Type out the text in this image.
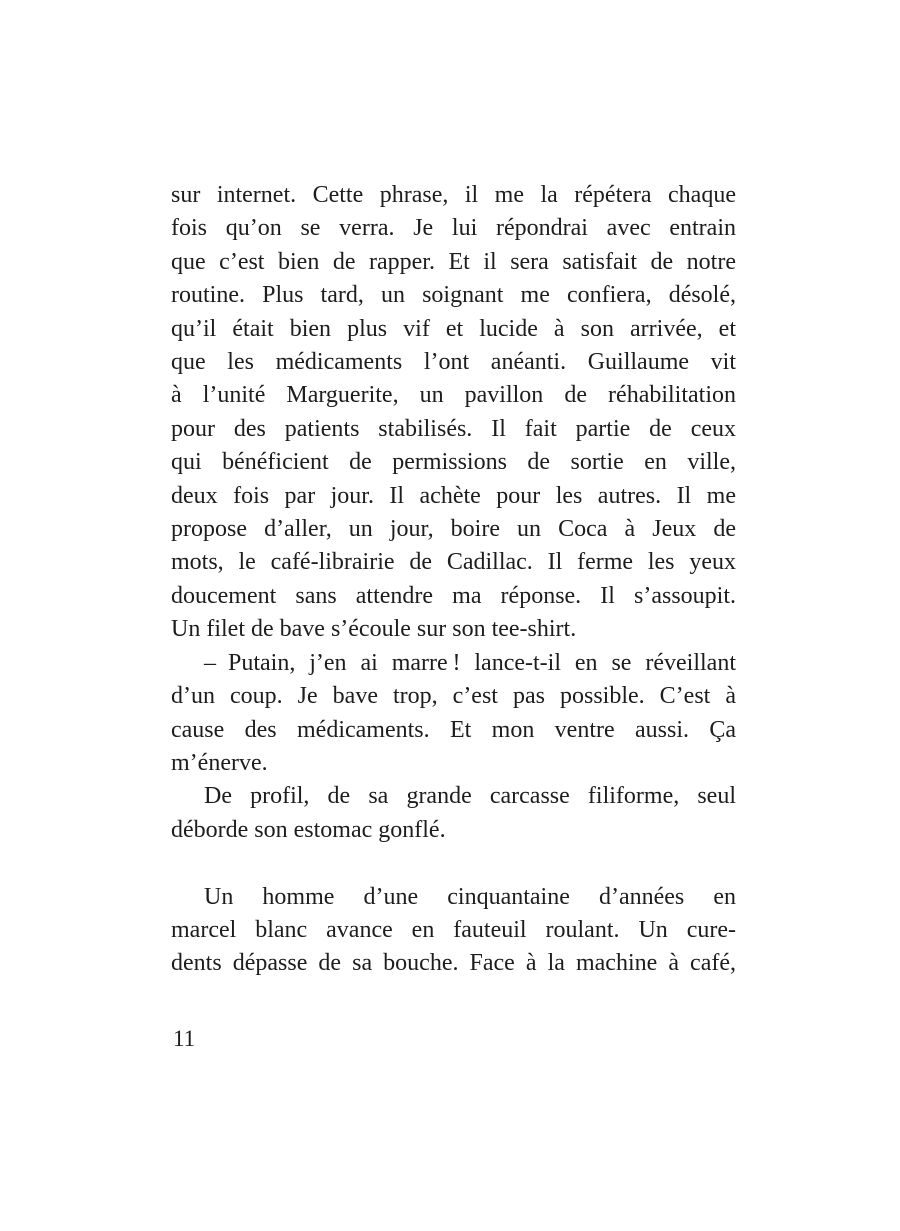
sur internet. Cette phrase, il me la répétera chaque
fois qu’on se verra. Je lui répondrai avec entrain
que c’est bien de rapper. Et il sera satisfait de notre
routine. Plus tard, un soignant me confiera, désolé,
qu’il était bien plus vif et lucide à son arrivée, et
que les médicaments l’ont anéanti. Guillaume vit
à l’unité Marguerite, un pavillon de réhabilitation
pour des patients stabilisés. Il fait partie de ceux
qui bénéficient de permissions de sortie en ville,
deux fois par jour. Il achète pour les autres. Il me
propose d’aller, un jour, boire un Coca à Jeux de
mots, le café-librairie de Cadillac. Il ferme les yeux
doucement sans attendre ma réponse. Il s’assoupit.
Un filet de bave s’écoule sur son tee-shirt.

– Putain, j’en ai marre ! lance-t-il en se réveillant
d’un coup. Je bave trop, c’est pas possible. C’est à
cause des médicaments. Et mon ventre aussi. Ça
m’énerve.

De profil, de sa grande carcasse filiforme, seul
déborde son estomac gonflé.

Un homme d’une cinquantaine d’années en
marcel blanc avance en fauteuil roulant. Un cure-
dents dépasse de sa bouche. Face à la machine à café,

11
